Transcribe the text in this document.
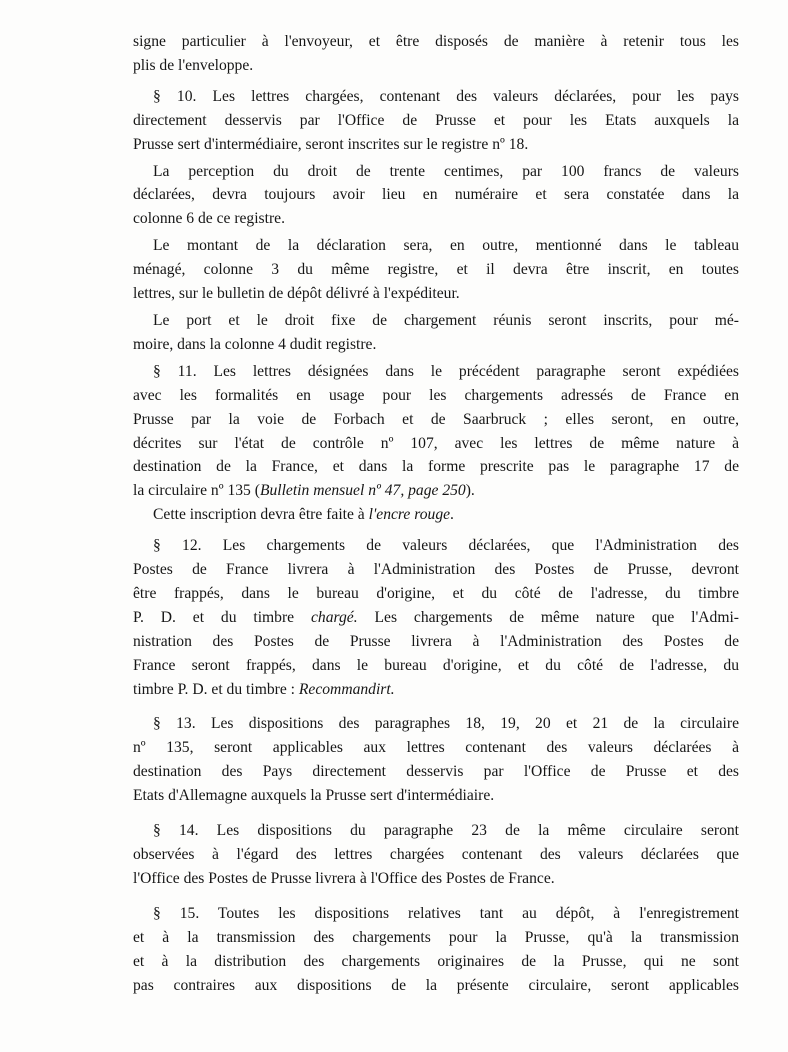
signe particulier à l'envoyeur, et être disposés de manière à retenir tous les
plis de l'enveloppe.
§ 10. Les lettres chargées, contenant des valeurs déclarées, pour les pays
directement desservis par l'Office de Prusse et pour les Etats auxquels la
Prusse sert d'intermédiaire, seront inscrites sur le registre nº 18.
La perception du droit de trente centimes, par 100 francs de valeurs
déclarées, devra toujours avoir lieu en numéraire et sera constatée dans la
colonne 6 de ce registre.
Le montant de la déclaration sera, en outre, mentionné dans le tableau
ménagé, colonne 3 du même registre, et il devra être inscrit, en toutes
lettres, sur le bulletin de dépôt délivré à l'expéditeur.
Le port et le droit fixe de chargement réunis seront inscrits, pour mé-
moire, dans la colonne 4 dudit registre.
§ 11. Les lettres désignées dans le précédent paragraphe seront expédiées
avec les formalités en usage pour les chargements adressés de France en
Prusse par la voie de Forbach et de Saarbruck ; elles seront, en outre,
décrites sur l'état de contrôle nº 107, avec les lettres de même nature à
destination de la France, et dans la forme prescrite pas le paragraphe 17 de
la circulaire nº 135 (Bulletin mensuel nº 47, page 250).
Cette inscription devra être faite à l'encre rouge.
§ 12. Les chargements de valeurs déclarées, que l'Administration des
Postes de France livrera à l'Administration des Postes de Prusse, devront
être frappés, dans le bureau d'origine, et du côté de l'adresse, du timbre
P. D. et du timbre chargé. Les chargements de même nature que l'Admi-
nistration des Postes de Prusse livrera à l'Administration des Postes de
France seront frappés, dans le bureau d'origine, et du côté de l'adresse, du
timbre P. D. et du timbre : Recommandirt.
§ 13. Les dispositions des paragraphes 18, 19, 20 et 21 de la circulaire
nº 135, seront applicables aux lettres contenant des valeurs déclarées à
destination des Pays directement desservis par l'Office de Prusse et des
Etats d'Allemagne auxquels la Prusse sert d'intermédiaire.
§ 14. Les dispositions du paragraphe 23 de la même circulaire seront
observées à l'égard des lettres chargées contenant des valeurs déclarées que
l'Office des Postes de Prusse livrera à l'Office des Postes de France.
§ 15. Toutes les dispositions relatives tant au dépôt, à l'enregistrement
et à la transmission des chargements pour la Prusse, qu'à la transmission
et à la distribution des chargements originaires de la Prusse, qui ne sont
pas contraires aux dispositions de la présente circulaire, seront applicables
